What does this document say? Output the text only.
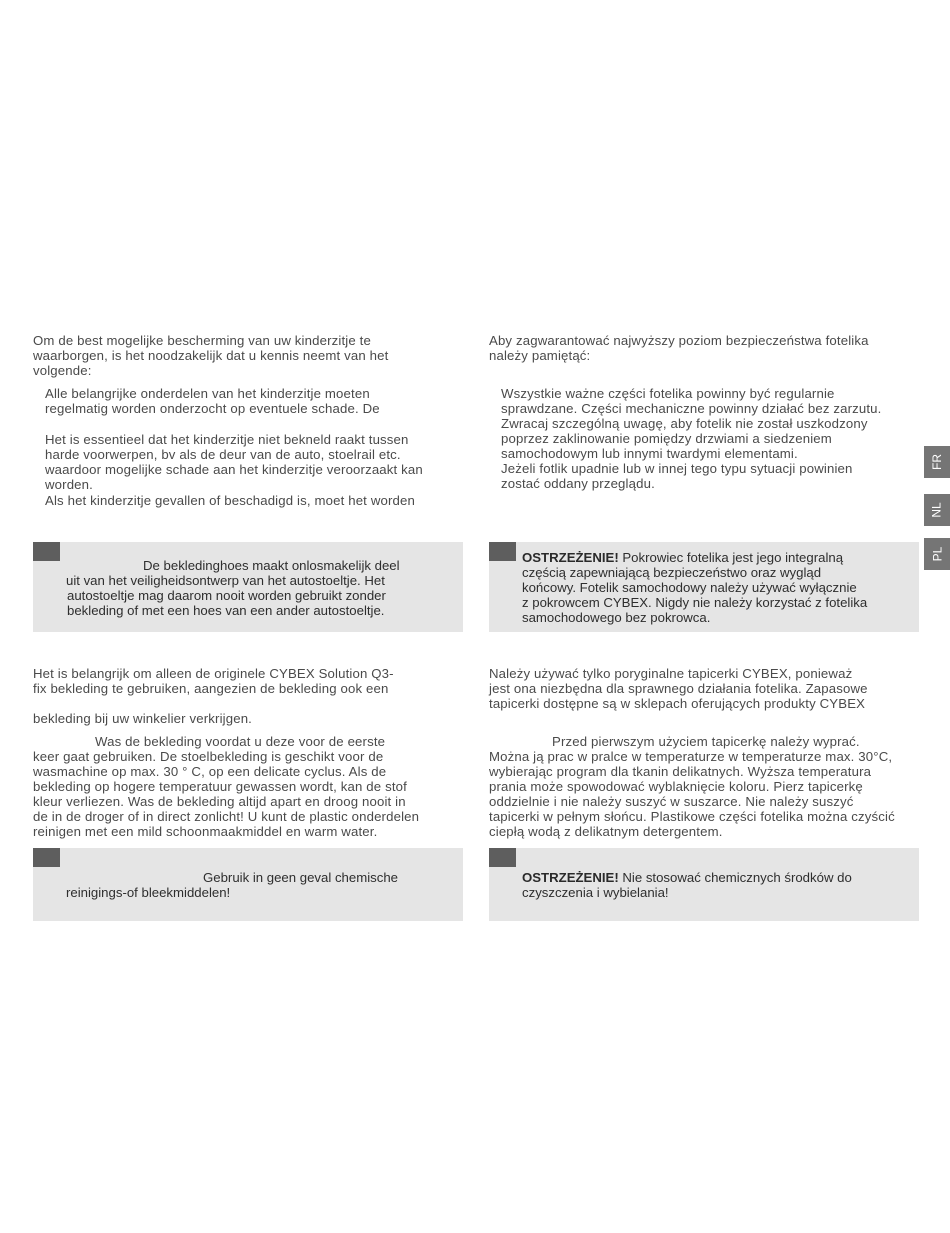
Om de best mogelijke bescherming van uw kinderzitje te

waarborgen, is het noodzakelijk dat u kennis neemt van het

volgende:

Alle belangrijke onderdelen van het kinderzitje moeten

regelmatig worden onderzocht op eventuele schade. De

Het is essentieel dat het kinderzitje niet bekneld raakt tussen

harde voorwerpen, bv als de deur van de auto, stoelrail etc.

waardoor mogelijke schade aan het kinderzitje veroorzaakt kan

worden.

Als het kinderzitje gevallen of beschadigd is, moet het worden

De bekledinghoes maakt onlosmakelijk deel
uit van het veiligheidsontwerp van het autostoeltje. Het
autostoeltje mag daarom nooit worden gebruikt zonder
bekleding of met een hoes van een ander autostoeltje.

Het is belangrijk om alleen de originele CYBEX Solution Q3-

fix bekleding te gebruiken, aangezien de bekleding ook een

bekleding bij uw winkelier verkrijgen.

Was de bekleding voordat u deze voor de eerste

keer gaat gebruiken. De stoelbekleding is geschikt voor de

wasmachine op max. 30 ° C, op een delicate cyclus. Als de

bekleding op hogere temperatuur gewassen wordt, kan de stof

kleur verliezen. Was de bekleding altijd apart en droog nooit in

de in de droger of in direct zonlicht! U kunt de plastic onderdelen

reinigen met een mild schoonmaakmiddel en warm water.

Gebruik in geen geval chemische
reinigings-of bleekmiddelen!

Aby zagwarantować najwyższy poziom bezpieczeństwa fotelika

należy pamiętąć:

Wszystkie ważne części fotelika powinny być regularnie

sprawdzane. Części mechaniczne powinny działać bez zarzutu.

Zwracaj szczególną uwagę, aby fotelik nie został uszkodzony

poprzez zaklinowanie pomiędzy drzwiami a siedzeniem

samochodowym lub innymi twardymi elementami.

Jeżeli fotlik upadnie lub w innej tego typu sytuacji powinien

zostać oddany przeglądu.

OSTRZEŻENIE! Pokrowiec fotelika jest jego integralną
częścią zapewniającą bezpieczeństwo oraz wygląd
końcowy. Fotelik samochodowy należy używać wyłącznie
z pokrowcem CYBEX. Nigdy nie należy korzystać z fotelika
samochodowego bez pokrowca.

Należy używać tylko poryginalne tapicerki CYBEX, ponieważ

jest ona niezbędna dla sprawnego działania fotelika. Zapasowe

tapicerki dostępne są w sklepach oferujących produkty CYBEX

Przed pierwszym użyciem tapicerkę należy wyprać.

Można ją prac w pralce w temperaturze w temperaturze max. 30°C,

wybierając program dla tkanin delikatnych. Wyższa temperatura

prania może spowodować wyblaknięcie koloru. Pierz tapicerkę

oddzielnie i nie należy suszyć w suszarce. Nie należy suszyć

tapicerki w pełnym słońcu. Plastikowe części fotelika można czyścić

ciepłą wodą z delikatnym detergentem.

OSTRZEŻENIE! Nie stosować chemicznych środków do
czyszczenia i wybielania!
FR
NL
PL
